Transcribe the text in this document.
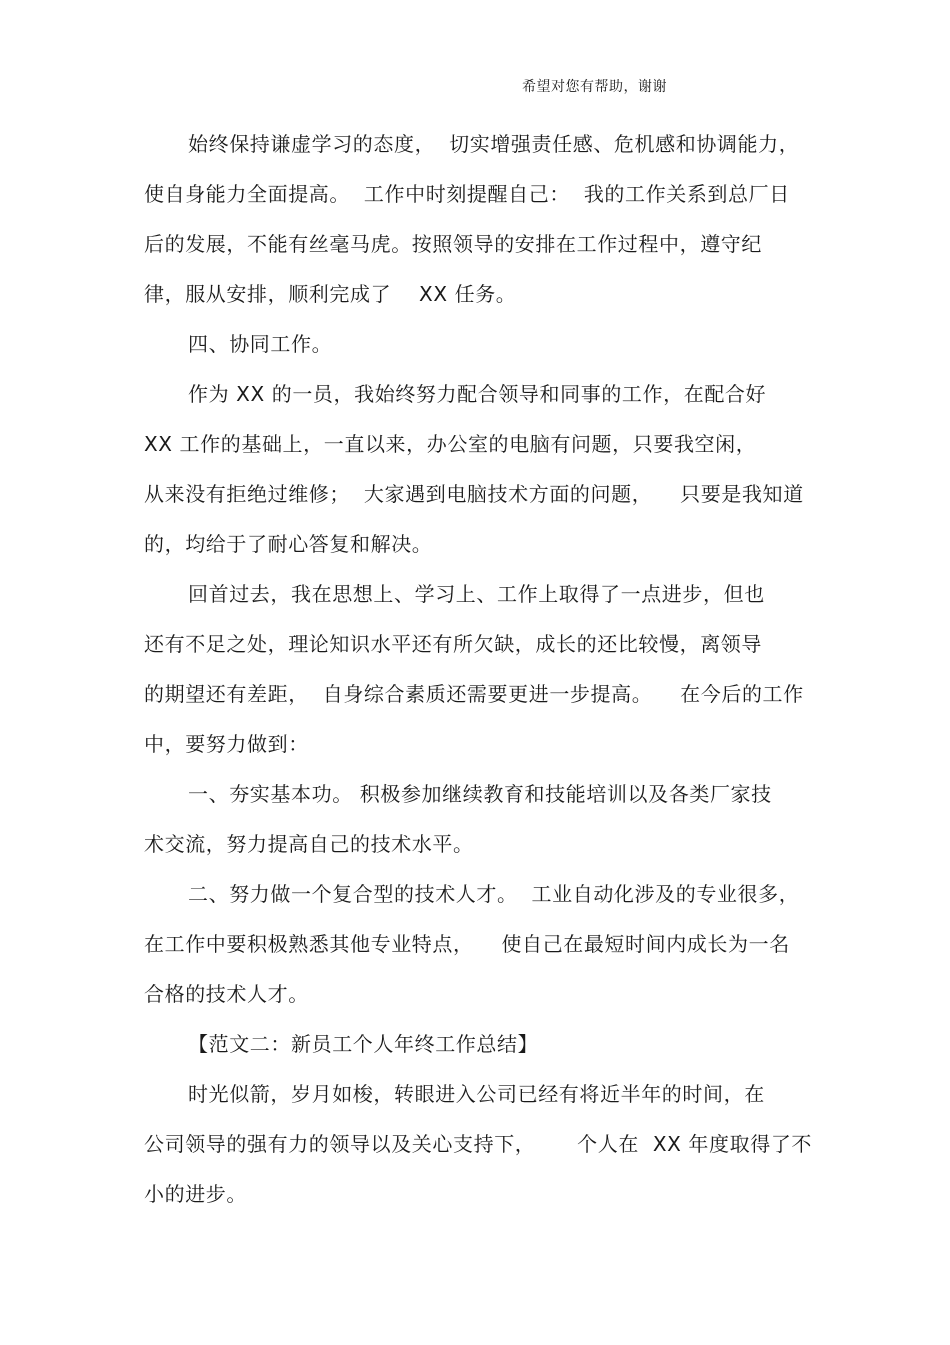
希望对您有帮助，谢谢
始终保持谦虚学习的态度，  切实增强责任感、危机感和协调能力，
使自身能力全面提高。  工作中时刻提醒自己：  我的工作关系到总厂日
后的发展，不能有丝毫马虎。按照领导的安排在工作过程中，遵守纪
律，服从安排，顺利完成了    XX 任务。
四、协同工作。
作为 XX 的一员，我始终努力配合领导和同事的工作，在配合好
XX 工作的基础上，一直以来，办公室的电脑有问题，只要我空闲，
从来没有拒绝过维修；  大家遇到电脑技术方面的问题，    只要是我知道
的，均给于了耐心答复和解决。
回首过去，我在思想上、学习上、工作上取得了一点进步，但也
还有不足之处，理论知识水平还有所欠缺，成长的还比较慢，离领导
的期望还有差距，  自身综合素质还需要更进一步提高。    在今后的工作
中，要努力做到：
一、夯实基本功。 积极参加继续教育和技能培训以及各类厂家技
术交流，努力提高自己的技术水平。
二、努力做一个复合型的技术人才。  工业自动化涉及的专业很多，
在工作中要积极熟悉其他专业特点，    使自己在最短时间内成长为一名
合格的技术人才。
【范文二：新员工个人年终工作总结】
时光似箭，岁月如梭，转眼进入公司已经有将近半年的时间，在
公司领导的强有力的领导以及关心支持下，      个人在  XX 年度取得了不
小的进步。
